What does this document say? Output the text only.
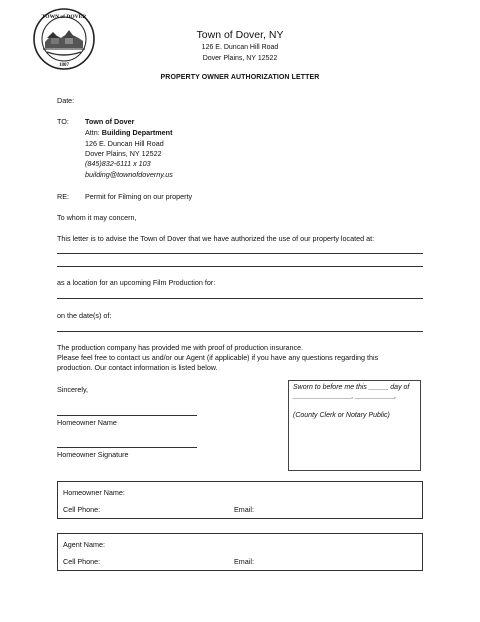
TOWN of DOVER
1807
Town of Dover, NY
126 E. Duncan Hill Road
Dover Plains, NY 12522
PROPERTY OWNER AUTHORIZATION LETTER
Date:
TO: Town of Dover
Attn: Building Department
126 E. Duncan Hill Road
Dover Plains, NY 12522
(845)832-6111 x 103
building@townofdoverny.us
RE: Permit for Filming on our property
To whom it may concern,
This letter is to advise the Town of Dover that we have authorized the use of our property located at:
as a location for an upcoming Film Production for:
on the date(s) of:
The production company has provided me with proof of production insurance.
Please feel free to contact us and/or our Agent (if applicable) if you have any questions regarding this
production. Our contact information is listed below.
Sincerely,
Homeowner Name
Homeowner Signature
Sworn to before me this _____ day of
_______________, __________,
(County Clerk or Notary Public)
Homeowner Name:
Cell Phone:	Email:
Agent Name:
Cell Phone:	Email:
